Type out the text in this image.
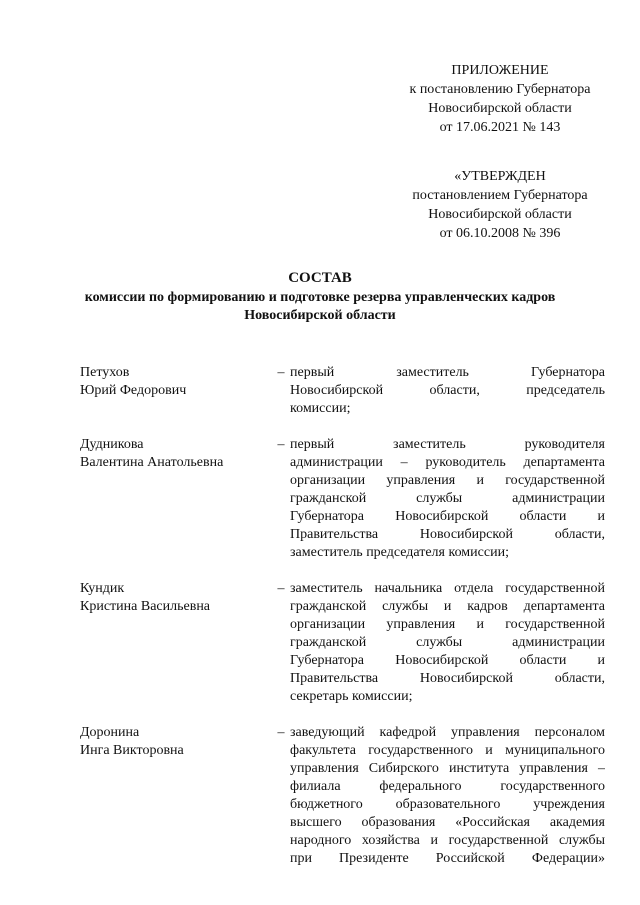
ПРИЛОЖЕНИЕ
к постановлению Губернатора
Новосибирской области
от 17.06.2021 № 143
«УТВЕРЖДЕН
постановлением Губернатора
Новосибирской области
от 06.10.2008 № 396
СОСТАВ
комиссии по формированию и подготовке резерва управленческих кадров
Новосибирской области
Петухов
Юрий Федорович
– первый заместитель Губернатора
Новосибирской области, председатель
комиссии;
Дудникова
Валентина Анатольевна
– первый заместитель руководителя
администрации – руководитель департамента
организации управления и государственной
гражданской службы администрации
Губернатора Новосибирской области и
Правительства Новосибирской области,
заместитель председателя комиссии;
Кундик
Кристина Васильевна
– заместитель начальника отдела государственной
гражданской службы и кадров департамента
организации управления и государственной
гражданской службы администрации
Губернатора Новосибирской области и
Правительства Новосибирской области,
секретарь комиссии;
Доронина
Инга Викторовна
– заведующий кафедрой управления персоналом
факультета государственного и муниципального
управления Сибирского института управления –
филиала федерального государственного
бюджетного образовательного учреждения
высшего образования «Российская академия
народного хозяйства и государственной службы
при Президенте Российской Федерации»
